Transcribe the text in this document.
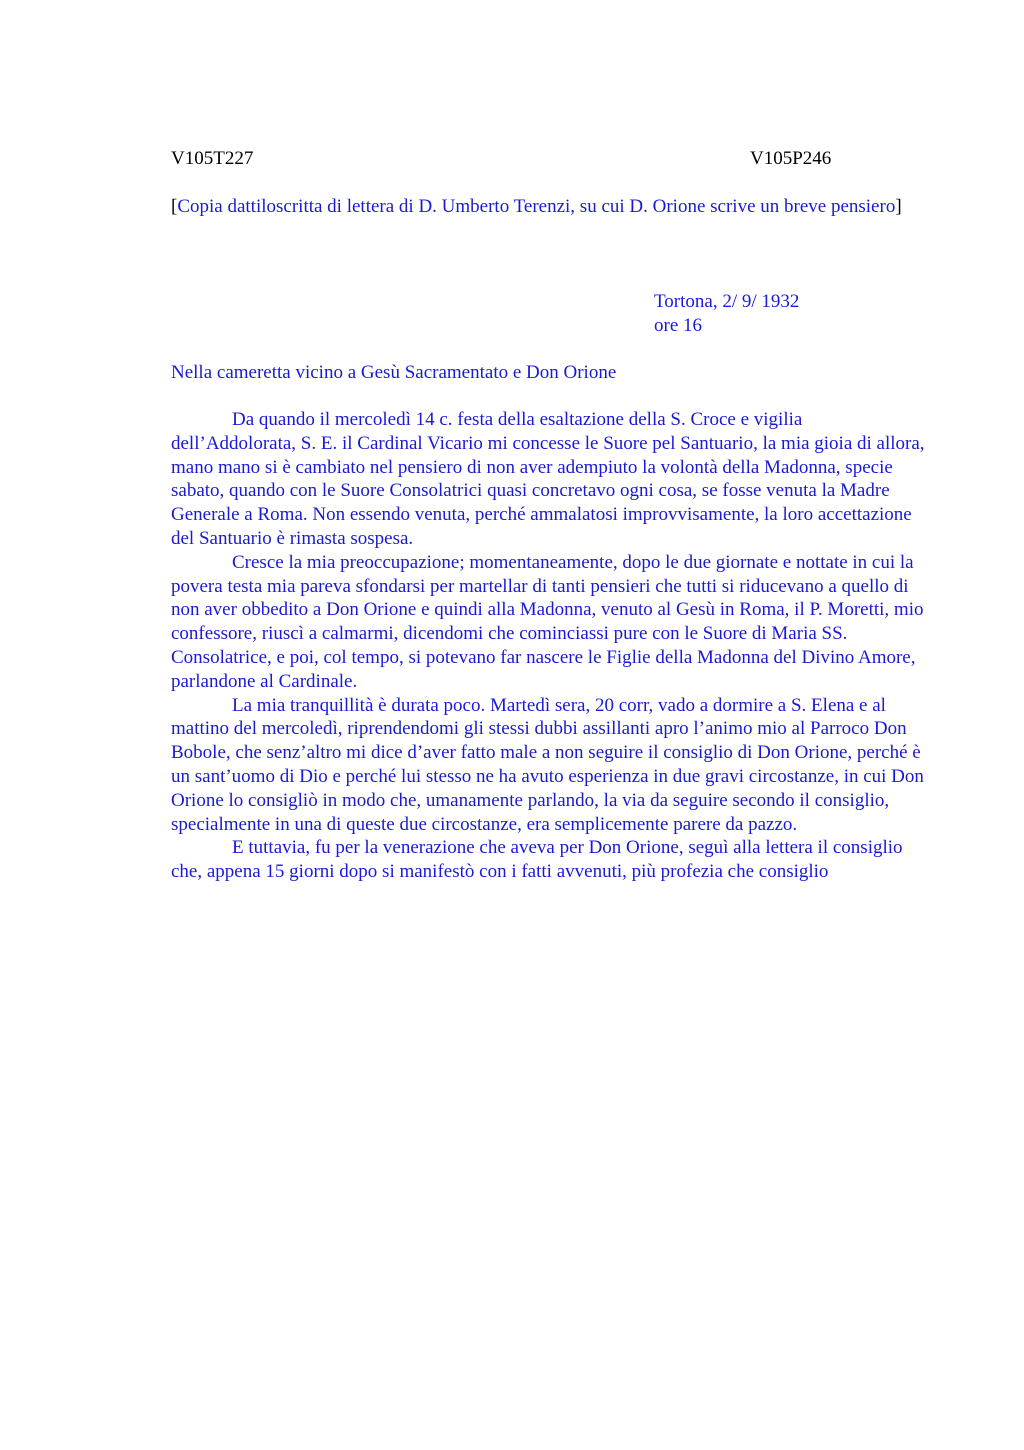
V105T227	V105P246
[Copia dattiloscritta di lettera di D. Umberto Terenzi, su cui D. Orione scrive un breve pensiero]
Tortona, 2/ 9/ 1932
ore 16
Nella cameretta vicino a Gesù Sacramentato e Don Orione

Da quando il mercoledì 14 c. festa della esaltazione della S. Croce e vigilia dell’Addolorata, S. E. il Cardinal Vicario mi concesse le Suore pel Santuario, la mia gioia di allora, mano mano si è cambiato nel pensiero di non aver adempiuto la volontà della Madonna, specie sabato, quando con le Suore Consolatrici quasi concretavo ogni cosa, se fosse venuta la Madre Generale a Roma. Non essendo venuta, perché ammalatosi improvvisamente, la loro accettazione del Santuario è rimasta sospesa.

Cresce la mia preoccupazione; momentaneamente, dopo le due giornate e nottate in cui la povera testa mia pareva sfondarsi per martellar di tanti pensieri che tutti si riducevano a quello di non aver obbedito a Don Orione e quindi alla Madonna, venuto al Gesù in Roma, il P. Moretti, mio confessore, riuscì a calmarmi, dicendomi che cominciassi pure con le Suore di Maria SS. Consolatrice, e poi, col tempo, si potevano far nascere le Figlie della Madonna del Divino Amore, parlandone al Cardinale.

La mia tranquillità è durata poco. Martedì sera, 20 corr, vado a dormire a S. Elena e al mattino del mercoledì, riprendendomi gli stessi dubbi assillanti apro l’animo mio al Parroco Don Bobole, che senz’altro mi dice d’aver fatto male a non seguire il consiglio di Don Orione, perché è un sant’uomo di Dio e perché lui stesso ne ha avuto esperienza in due gravi circostanze, in cui Don Orione lo consigliò in modo che, umanamente parlando, la via da seguire secondo il consiglio, specialmente in una di queste due circostanze, era semplicemente parere da pazzo.

E tuttavia, fu per la venerazione che aveva per Don Orione, seguì alla lettera il consiglio che, appena 15 giorni dopo si manifestò con i fatti avvenuti, più profezia che consiglio
